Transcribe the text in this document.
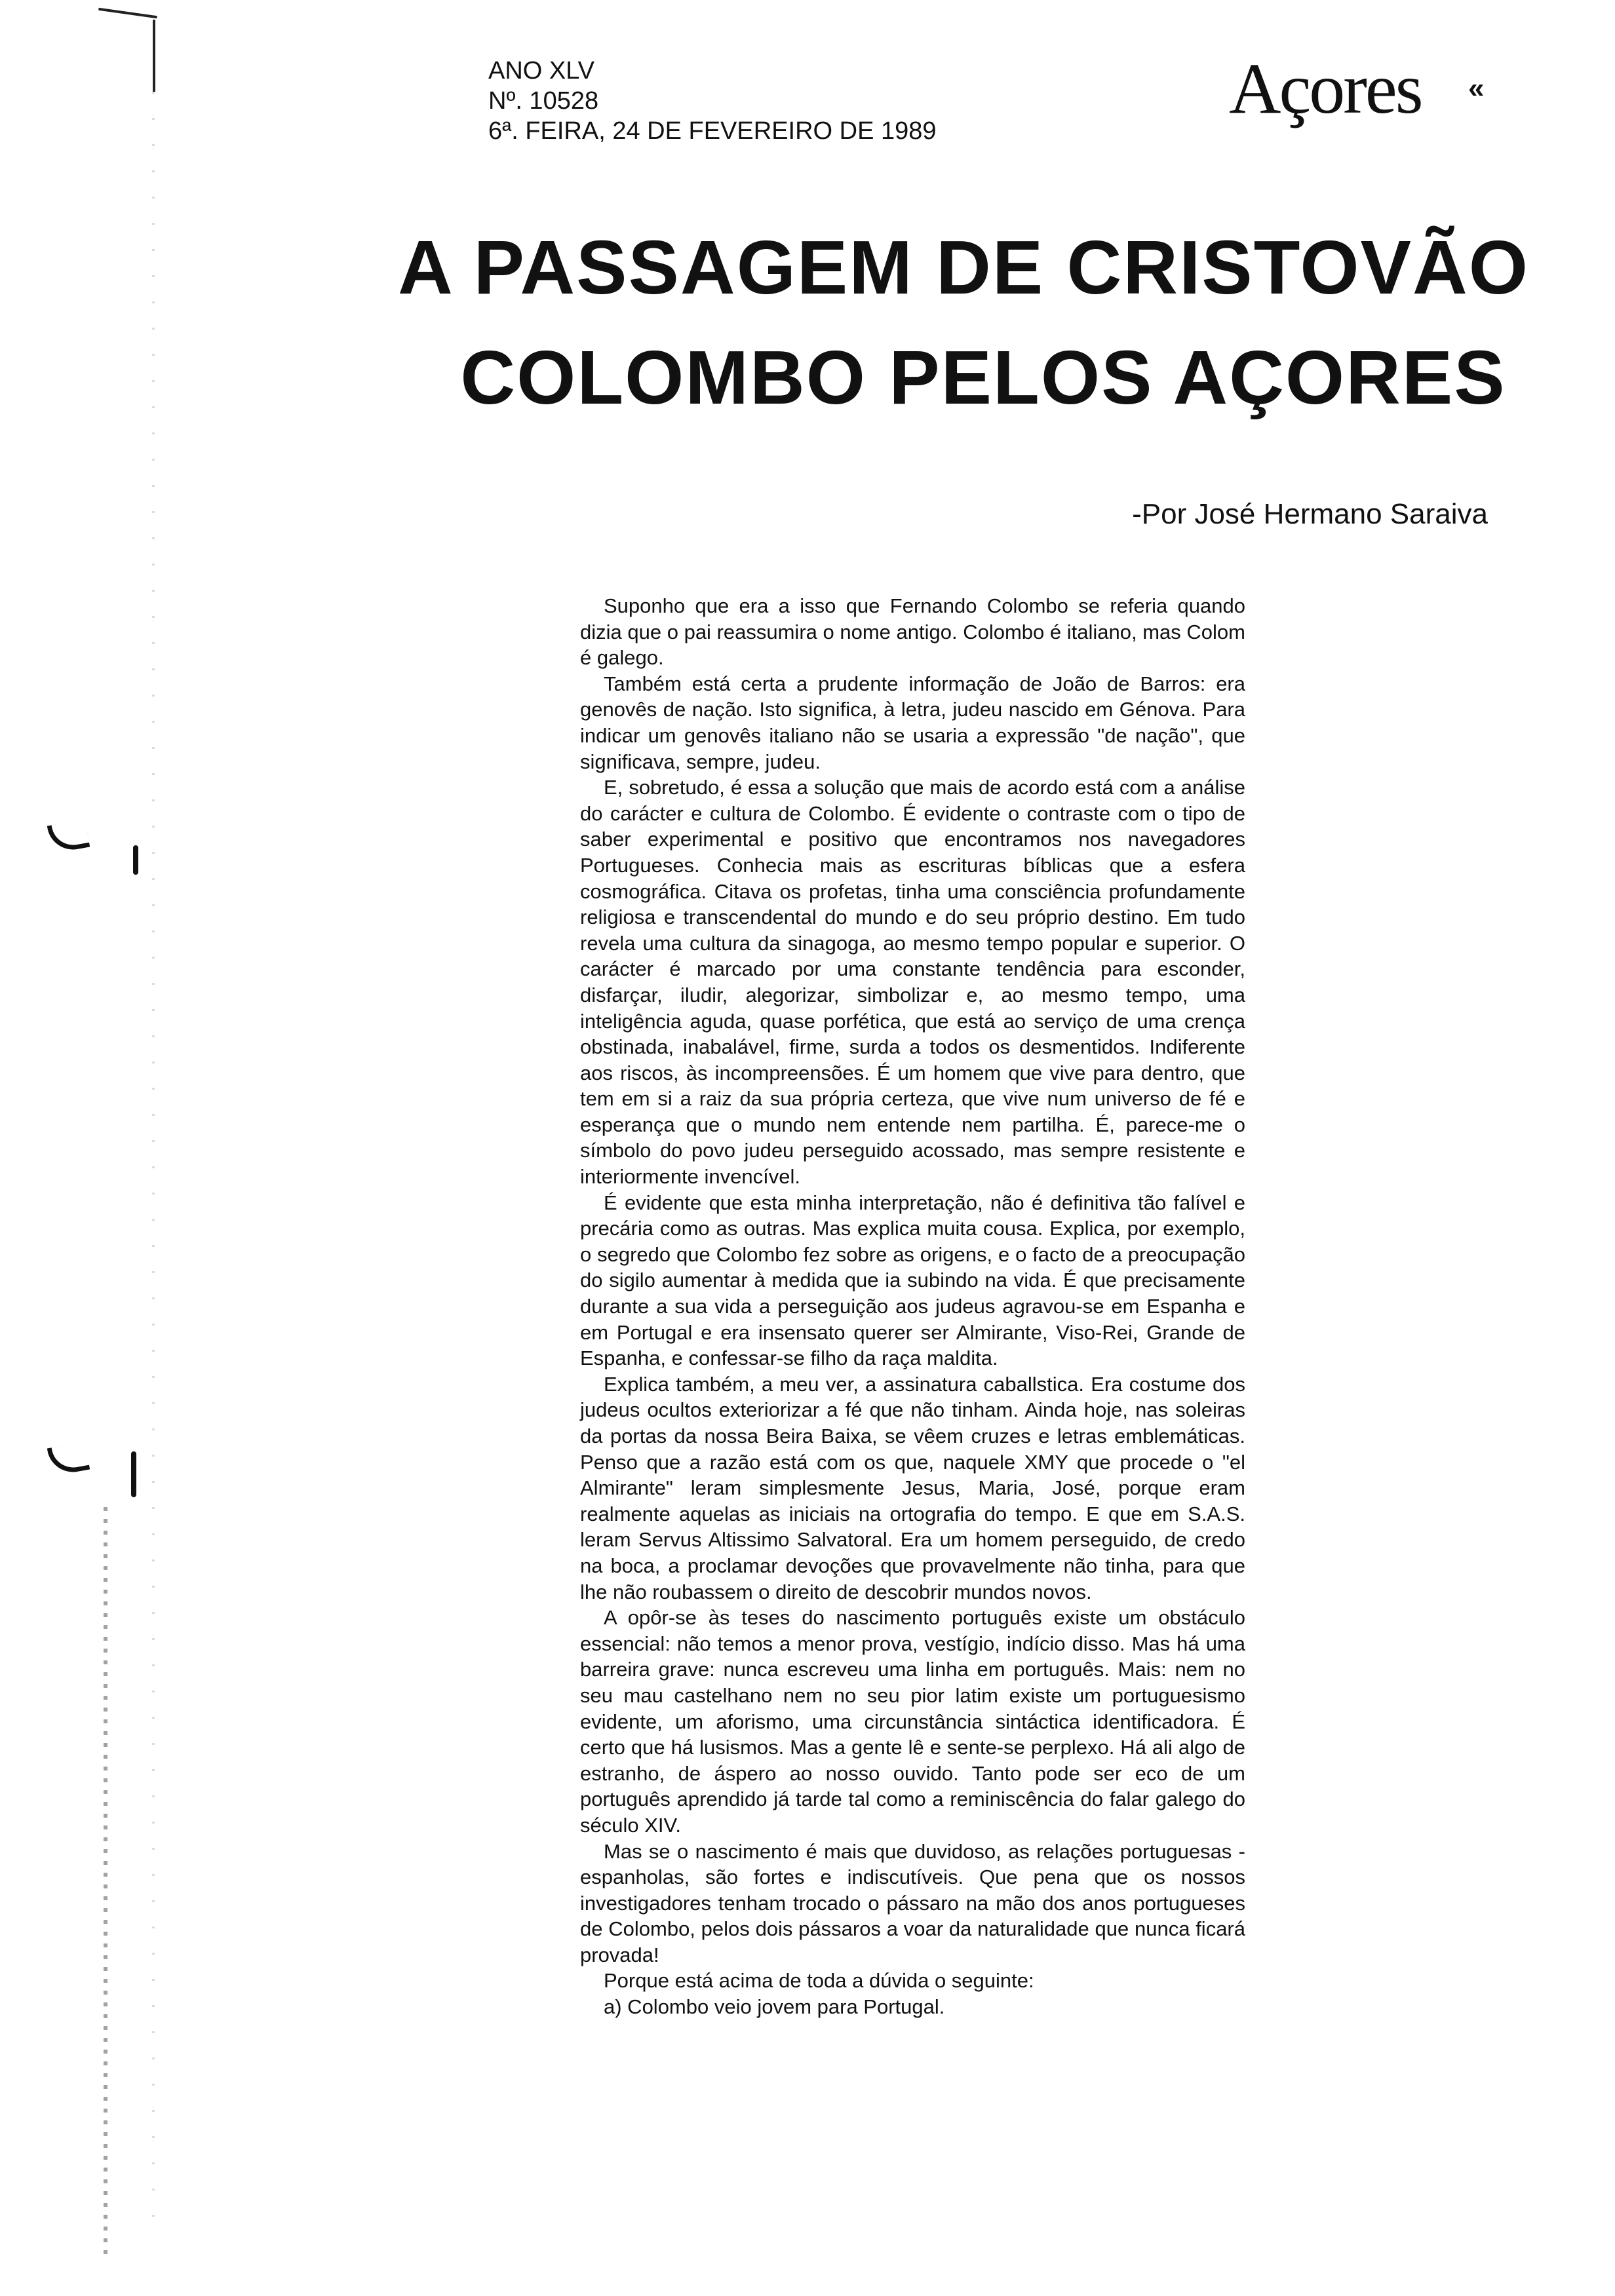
ANO XLV
Nº. 10528
6ª. FEIRA, 24 DE FEVEREIRO DE 1989
Açores «
A PASSAGEM DE CRISTOVÃO
COLOMBO PELOS AÇORES
-Por José Hermano Saraiva

Suponho que era a isso que Fernando Colombo se referia quando dizia que o pai reassumira o nome antigo. Colombo é italiano, mas Colom é galego.

Também está certa a prudente informação de João de Barros: era genovês de nação. Isto significa, à letra, judeu nascido em Génova. Para indicar um genovês italiano não se usaria a expressão "de nação", que significava, sempre, judeu.

E, sobretudo, é essa a solução que mais de acordo está com a análise do carácter e cultura de Colombo. É evidente o contraste com o tipo de saber experimental e positivo que encontramos nos navegadores Portugueses. Conhecia mais as escrituras bíblicas que a esfera cosmográfica. Citava os profetas, tinha uma consciência profundamente religiosa e transcendental do mundo e do seu próprio destino. Em tudo revela uma cultura da sinagoga, ao mesmo tempo popular e superior. O carácter é marcado por uma constante tendência para esconder, disfarçar, iludir, alegorizar, simbolizar e, ao mesmo tempo, uma inteligência aguda, quase porfética, que está ao serviço de uma crença obstinada, inabalável, firme, surda a todos os desmentidos. Indiferente aos riscos, às incompreensões. É um homem que vive para dentro, que tem em si a raiz da sua própria certeza, que vive num universo de fé e esperança que o mundo nem entende nem partilha. É, parece-me o símbolo do povo judeu perseguido acossado, mas sempre resistente e interiormente invencível.

É evidente que esta minha interpretação, não é definitiva tão falível e precária como as outras. Mas explica muita cousa. Explica, por exemplo, o segredo que Colombo fez sobre as origens, e o facto de a preocupação do sigilo aumentar à medida que ia subindo na vida. É que precisamente durante a sua vida a perseguição aos judeus agravou-se em Espanha e em Portugal e era insensato querer ser Almirante, Viso-Rei, Grande de Espanha, e confessar-se filho da raça maldita.

Explica também, a meu ver, a assinatura caballstica. Era costume dos judeus ocultos exteriorizar a fé que não tinham. Ainda hoje, nas soleiras da portas da nossa Beira Baixa, se vêem cruzes e letras emblemáticas. Penso que a razão está com os que, naquele XMY que procede o "el Almirante" leram simplesmente Jesus, Maria, José, porque eram realmente aquelas as iniciais na ortografia do tempo. E que em S.A.S. leram Servus Altissimo Salvatoral. Era um homem perseguido, de credo na boca, a proclamar devoções que provavelmente não tinha, para que lhe não roubassem o direito de descobrir mundos novos.

A opôr-se às teses do nascimento português existe um obstáculo essencial: não temos a menor prova, vestígio, indício disso. Mas há uma barreira grave: nunca escreveu uma linha em português. Mais: nem no seu mau castelhano nem no seu pior latim existe um portuguesismo evidente, um aforismo, uma circunstância sintáctica identificadora. É certo que há lusismos. Mas a gente lê e sente-se perplexo. Há ali algo de estranho, de áspero ao nosso ouvido. Tanto pode ser eco de um português aprendido já tarde tal como a reminiscência do falar galego do século XIV.

Mas se o nascimento é mais que duvidoso, as relações portuguesas - espanholas, são fortes e indiscutíveis. Que pena que os nossos investigadores tenham trocado o pássaro na mão dos anos portugueses de Colombo, pelos dois pássaros a voar da naturalidade que nunca ficará provada!

Porque está acima de toda a dúvida o seguinte:

a) Colombo veio jovem para Portugal.
